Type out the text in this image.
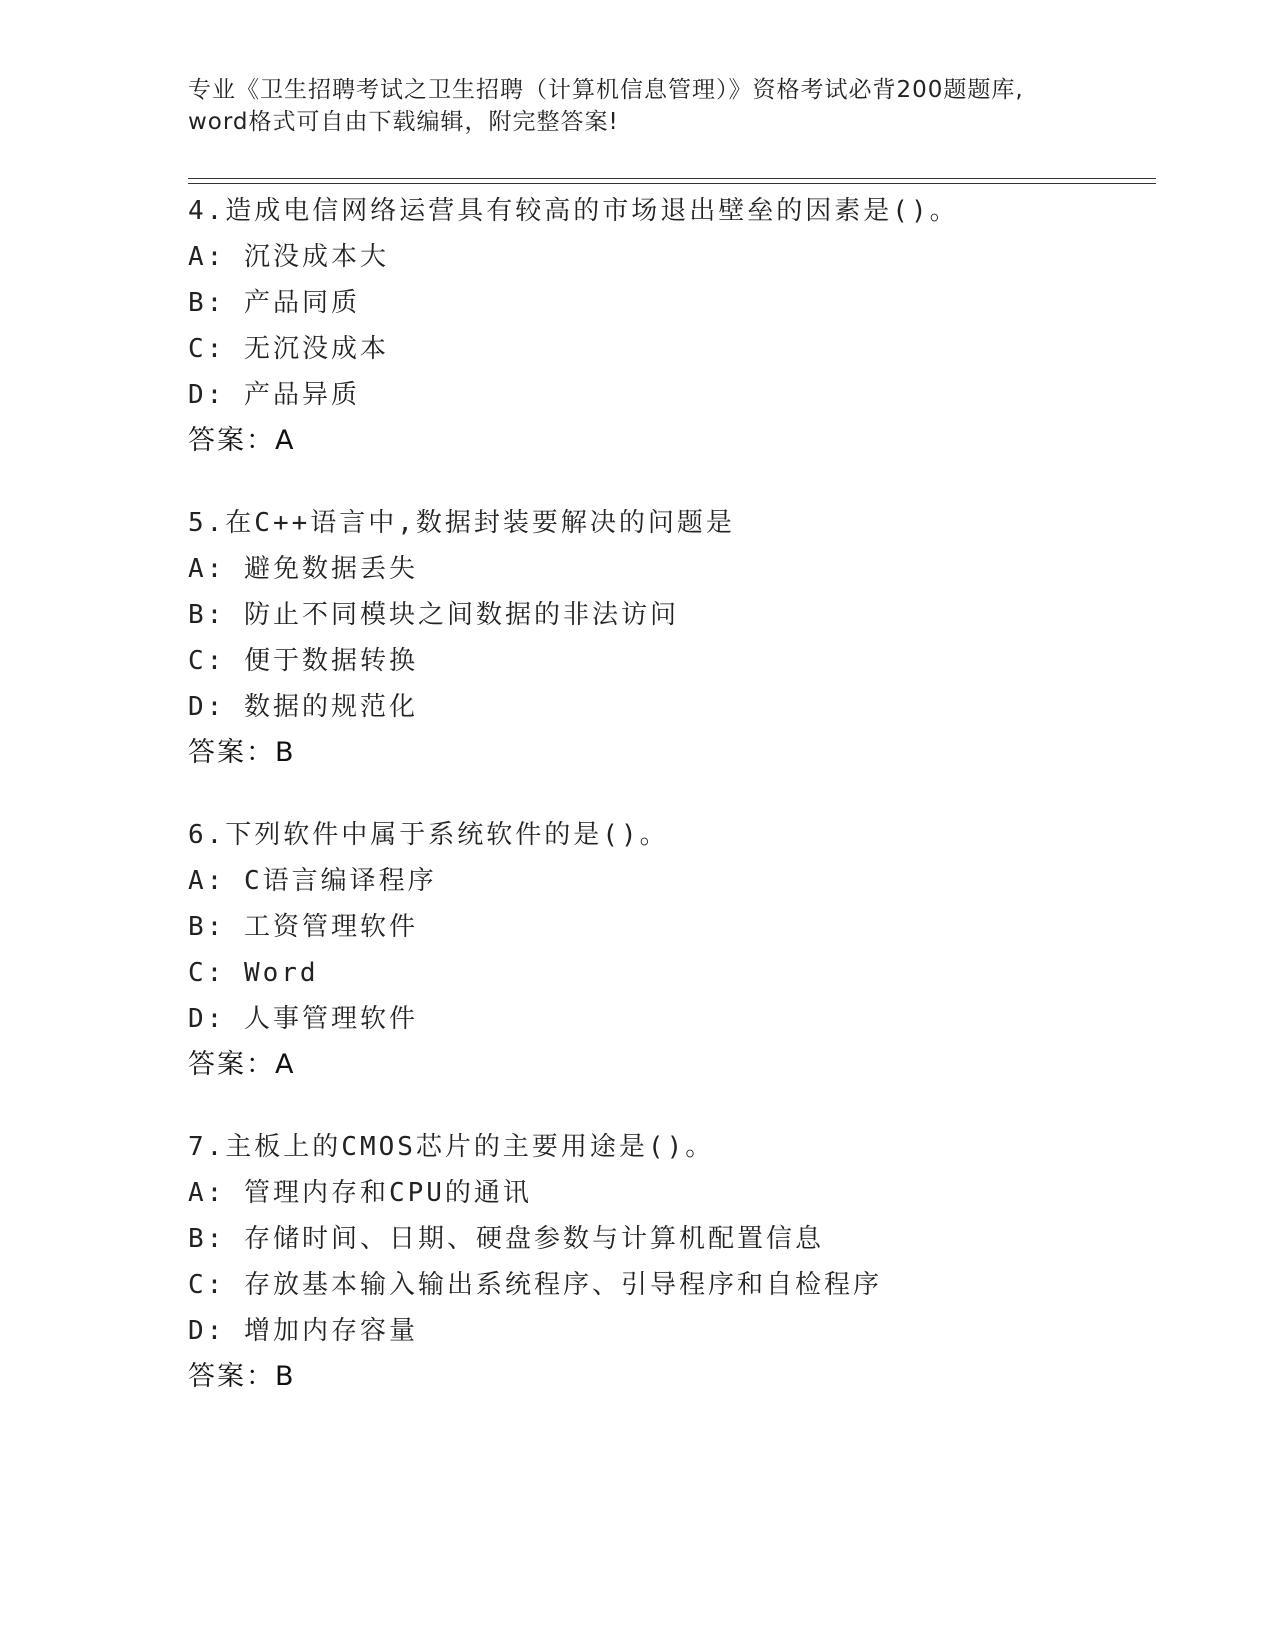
专业《卫生招聘考试之卫生招聘（计算机信息管理）》资格考试必背200题题库,
word格式可自由下载编辑，附完整答案!
4.造成电信网络运营具有较高的市场退出壁垒的因素是()。
A: 沉没成本大
B: 产品同质
C: 无沉没成本
D: 产品异质
答案：A
5.在C++语言中,数据封装要解决的问题是
A: 避免数据丢失
B: 防止不同模块之间数据的非法访问
C: 便于数据转换
D: 数据的规范化
答案：B
6.下列软件中属于系统软件的是()。
A: C语言编译程序
B: 工资管理软件
C: Word
D: 人事管理软件
答案：A
7.主板上的CMOS芯片的主要用途是()。
A: 管理内存和CPU的通讯
B: 存储时间、日期、硬盘参数与计算机配置信息
C: 存放基本输入输出系统程序、引导程序和自检程序
D: 增加内存容量
答案：B
